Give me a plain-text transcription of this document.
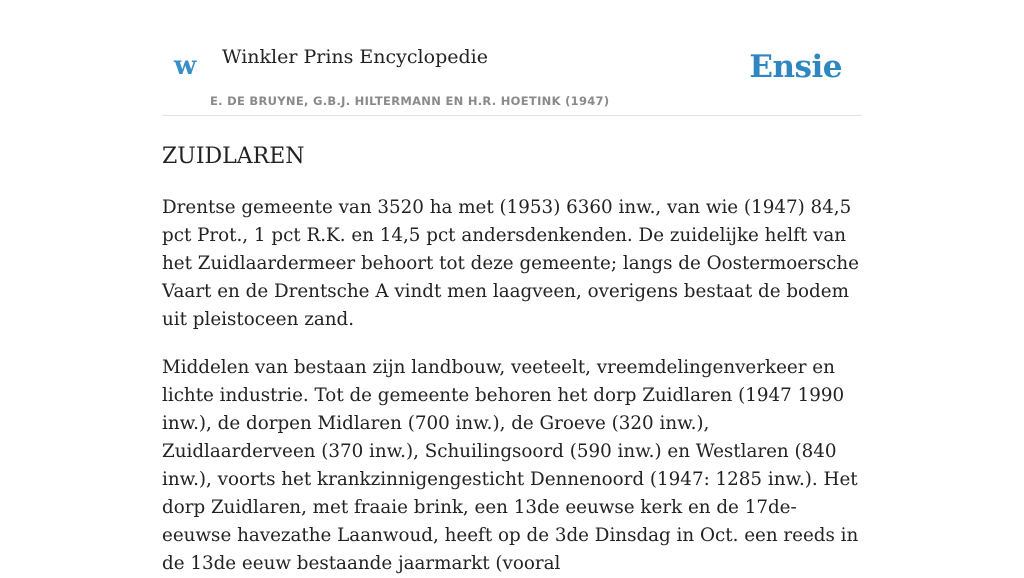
w Winkler Prins Encyclopedie
E. DE BRUYNE, G.B.J. HILTERMANN EN H.R. HOETINK (1947)
Ensie
ZUIDLAREN

Drentse gemeente van 3520 ha met (1953) 6360 inw., van wie (1947) 84,5 pct Prot., 1 pct R.K. en 14,5 pct andersdenkenden. De zuidelijke helft van het Zuidlaardermeer behoort tot deze gemeente; langs de Oostermoersche Vaart en de Drentsche A vindt men laagveen, overigens bestaat de bodem uit pleistoceen zand.

Middelen van bestaan zijn landbouw, veeteelt, vreemdelingenverkeer en lichte industrie. Tot de gemeente behoren het dorp Zuidlaren (1947 1990 inw.), de dorpen Midlaren (700 inw.), de Groeve (320 inw.), Zuidlaarderveen (370 inw.), Schuilingsoord (590 inw.) en Westlaren (840 inw.), voorts het krankzinnigengesticht Dennenoord (1947: 1285 inw.). Het dorp Zuidlaren, met fraaie brink, een 13de eeuwse kerk en de 17de-eeuwse havezathe Laanwoud, heeft op de 3de Dinsdag in Oct. een reeds in de 13de eeuw bestaande jaarmarkt (vooral
